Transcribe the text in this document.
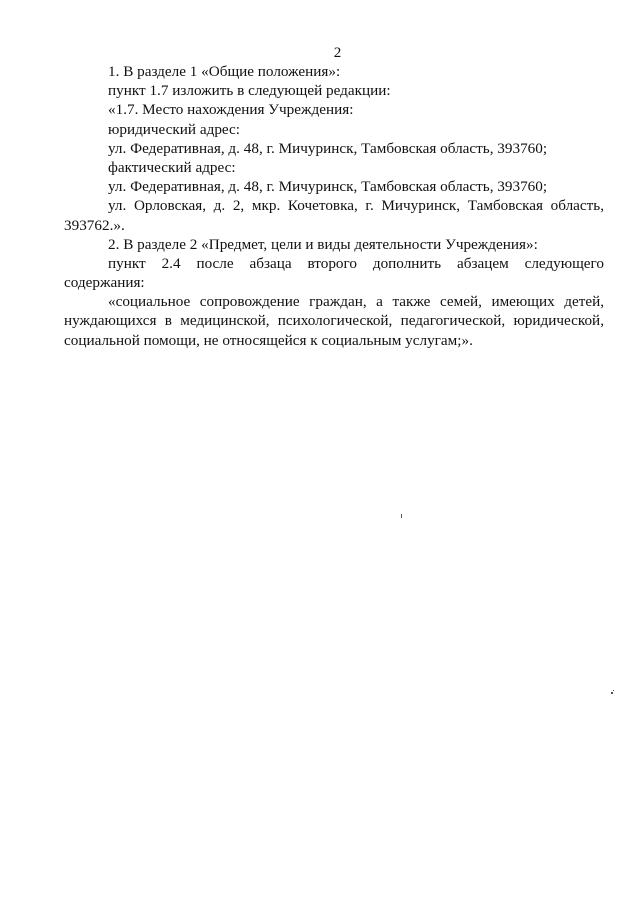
2
1. В разделе 1 «Общие положения»:
пункт 1.7 изложить в следующей редакции:
«1.7. Место нахождения Учреждения:
юридический адрес:
ул. Федеративная, д. 48, г. Мичуринск, Тамбовская область, 393760;
фактический адрес:
ул. Федеративная, д. 48, г. Мичуринск, Тамбовская область, 393760;
ул. Орловская, д. 2, мкр. Кочетовка, г. Мичуринск, Тамбовская область,
393762.».
2. В разделе 2 «Предмет, цели и виды деятельности Учреждения»:
пункт 2.4 после абзаца второго дополнить абзацем следующего
содержания:
«социальное сопровождение граждан, а также семей, имеющих детей,
нуждающихся в медицинской, психологической, педагогической, юридической,
социальной помощи, не относящейся к социальным услугам;».
